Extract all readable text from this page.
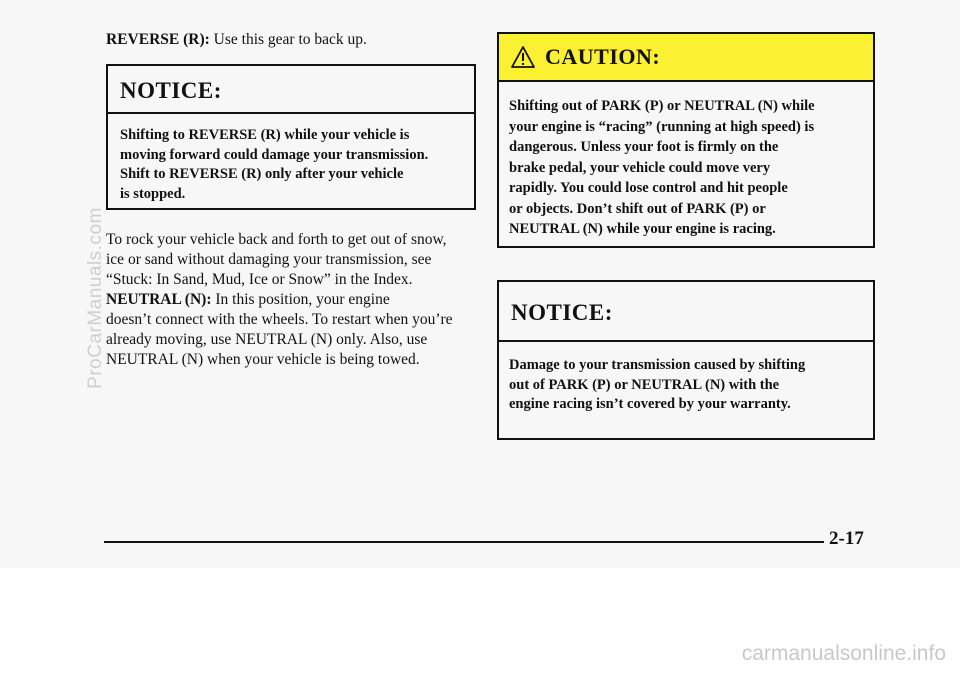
REVERSE (R): Use this gear to back up.

NOTICE:
Shifting to REVERSE (R) while your vehicle is
moving forward could damage your transmission.
Shift to REVERSE (R) only after your vehicle
is stopped.
To rock your vehicle back and forth to get out of snow,
ice or sand without damaging your transmission, see
“Stuck: In Sand, Mud, Ice or Snow” in the Index.
NEUTRAL (N): In this position, your engine
doesn’t connect with the wheels. To restart when you’re
already moving, use NEUTRAL (N) only. Also, use
NEUTRAL (N) when your vehicle is being towed.
CAUTION:
Shifting out of PARK (P) or NEUTRAL (N) while
your engine is “racing” (running at high speed) is
dangerous. Unless your foot is firmly on the
brake pedal, your vehicle could move very
rapidly. You could lose control and hit people
or objects. Don’t shift out of PARK (P) or
NEUTRAL (N) while your engine is racing.
NOTICE:
Damage to your transmission caused by shifting
out of PARK (P) or NEUTRAL (N) with the
engine racing isn’t covered by your warranty.
2-17
ProCarManuals.com
carmanualsonline.info
